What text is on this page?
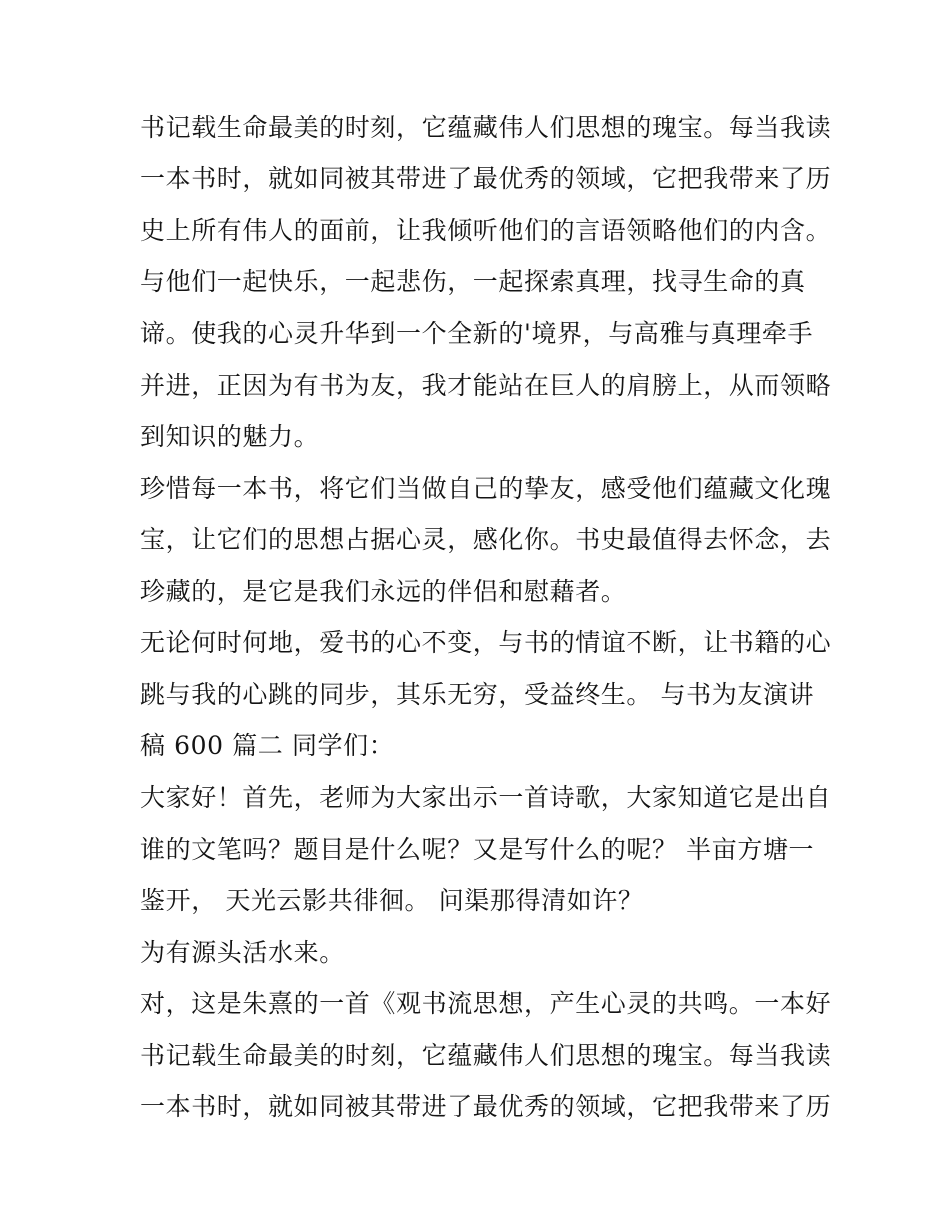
书记载生命最美的时刻，它蕴藏伟人们思想的瑰宝。每当我读
一本书时，就如同被其带进了最优秀的领域，它把我带来了历
史上所有伟人的面前，让我倾听他们的言语领略他们的内含。
与他们一起快乐，一起悲伤，一起探索真理，找寻生命的真
谛。使我的心灵升华到一个全新的'境界，与高雅与真理牵手
并进，正因为有书为友，我才能站在巨人的肩膀上，从而领略
到知识的魅力。
珍惜每一本书，将它们当做自己的挚友，感受他们蕴藏文化瑰
宝，让它们的思想占据心灵，感化你。书史最值得去怀念，去
珍藏的，是它是我们永远的伴侣和慰藉者。
无论何时何地，爱书的心不变，与书的情谊不断，让书籍的心
跳与我的心跳的同步，其乐无穷，受益终生。 与书为友演讲
稿 600 篇二 同学们：
大家好！首先，老师为大家出示一首诗歌，大家知道它是出自
谁的文笔吗？题目是什么呢？又是写什么的呢？ 半亩方塘一
鉴开， 天光云影共徘徊。 问渠那得清如许？
为有源头活水来。
对，这是朱熹的一首《观书流思想，产生心灵的共鸣。一本好
书记载生命最美的时刻，它蕴藏伟人们思想的瑰宝。每当我读
一本书时，就如同被其带进了最优秀的领域，它把我带来了历
